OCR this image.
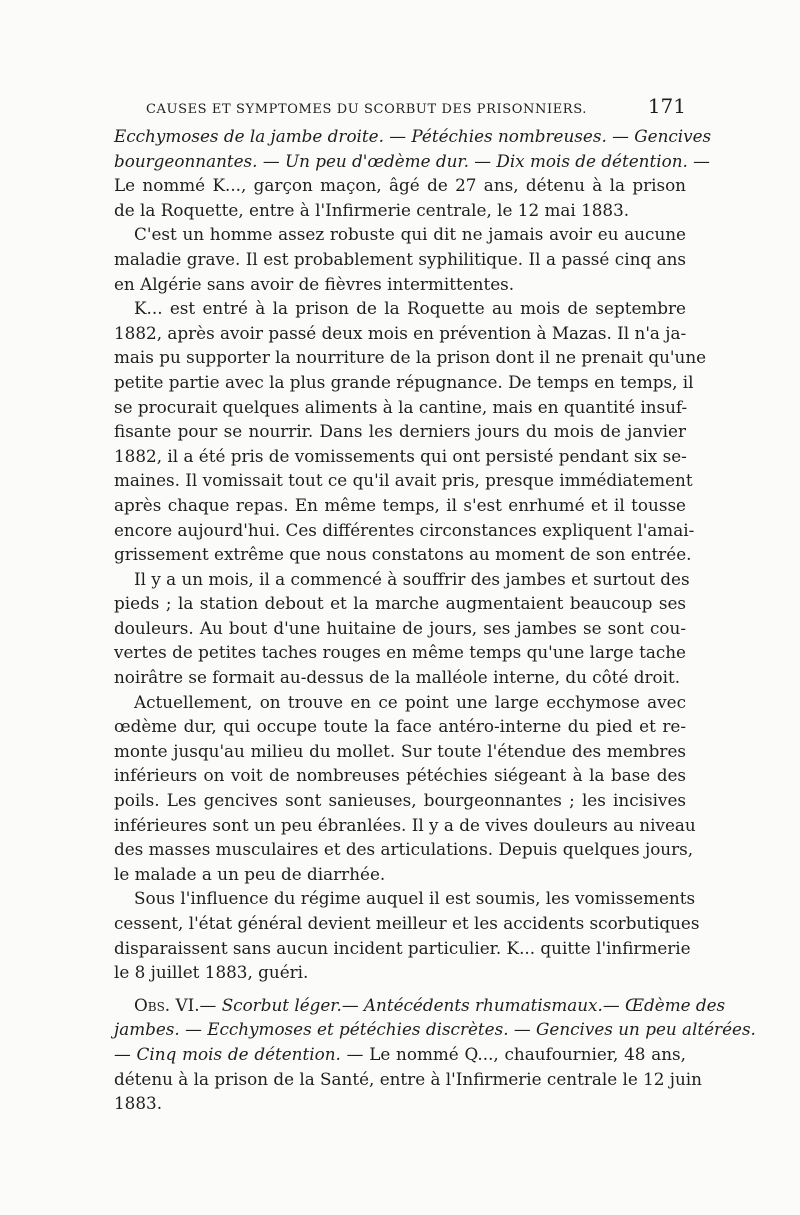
CAUSES ET SYMPTOMES DU SCORBUT DES PRISONNIERS.	171
Ecchymoses de la jambe droite. — Pétéchies nombreuses. — Gencives
bourgeonnantes. — Un peu d'œdème dur. — Dix mois de détention. —
Le nommé K..., garçon maçon, âgé de 27 ans, détenu à la prison
de la Roquette, entre à l'Infirmerie centrale, le 12 mai 1883.
C'est un homme assez robuste qui dit ne jamais avoir eu aucune
maladie grave. Il est probablement syphilitique. Il a passé cinq ans
en Algérie sans avoir de fièvres intermittentes.
K... est entré à la prison de la Roquette au mois de septembre
1882, après avoir passé deux mois en prévention à Mazas. Il n'a ja-
mais pu supporter la nourriture de la prison dont il ne prenait qu'une
petite partie avec la plus grande répugnance. De temps en temps, il
se procurait quelques aliments à la cantine, mais en quantité insuf-
fisante pour se nourrir. Dans les derniers jours du mois de janvier
1882, il a été pris de vomissements qui ont persisté pendant six se-
maines. Il vomissait tout ce qu'il avait pris, presque immédiatement
après chaque repas. En même temps, il s'est enrhumé et il tousse
encore aujourd'hui. Ces différentes circonstances expliquent l'amai-
grissement extrême que nous constatons au moment de son entrée.
Il y a un mois, il a commencé à souffrir des jambes et surtout des
pieds ; la station debout et la marche augmentaient beaucoup ses
douleurs. Au bout d'une huitaine de jours, ses jambes se sont cou-
vertes de petites taches rouges en même temps qu'une large tache
noirâtre se formait au-dessus de la malléole interne, du côté droit.
Actuellement, on trouve en ce point une large ecchymose avec
œdème dur, qui occupe toute la face antéro-interne du pied et re-
monte jusqu'au milieu du mollet. Sur toute l'étendue des membres
inférieurs on voit de nombreuses pétéchies siégeant à la base des
poils. Les gencives sont sanieuses, bourgeonnantes ; les incisives
inférieures sont un peu ébranlées. Il y a de vives douleurs au niveau
des masses musculaires et des articulations. Depuis quelques jours,
le malade a un peu de diarrhée.
Sous l'influence du régime auquel il est soumis, les vomissements
cessent, l'état général devient meilleur et les accidents scorbutiques
disparaissent sans aucun incident particulier. K... quitte l'infirmerie
le 8 juillet 1883, guéri.
Obs. VI.— Scorbut léger.— Antécédents rhumatismaux.— Œdème des
jambes. — Ecchymoses et pétéchies discrètes. — Gencives un peu altérées.
— Cinq mois de détention. — Le nommé Q..., chaufournier, 48 ans,
détenu à la prison de la Santé, entre à l'Infirmerie centrale le 12 juin
1883.
